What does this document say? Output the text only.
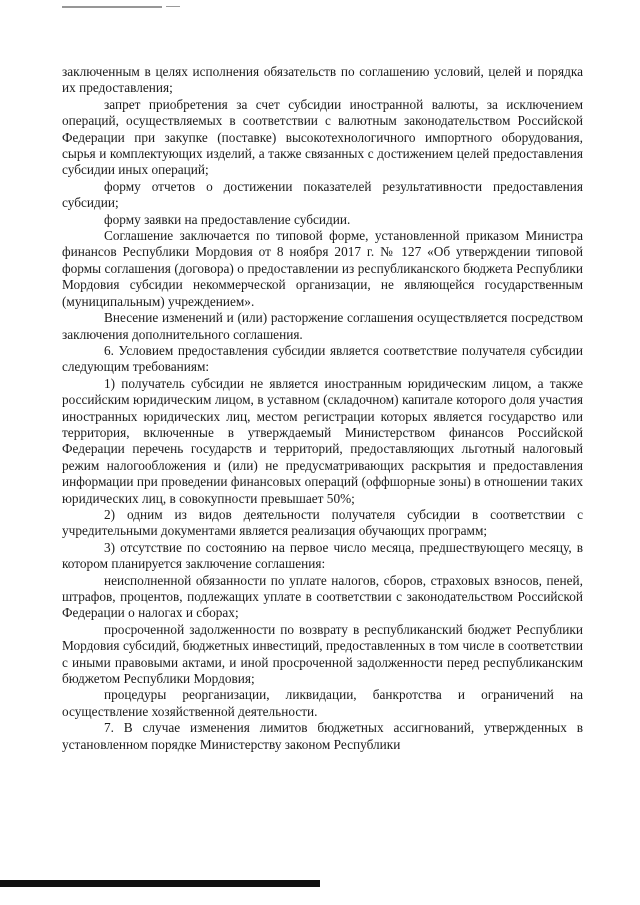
заключенным в целях исполнения обязательств по соглашению условий, целей и порядка их предоставления;

запрет приобретения за счет субсидии иностранной валюты, за исключением операций, осуществляемых в соответствии с валютным законодательством Российской Федерации при закупке (поставке) высокотехнологичного импортного оборудования, сырья и комплектующих изделий, а также связанных с достижением целей предоставления субсидии иных операций;

форму отчетов о достижении показателей результативности предоставления субсидии;

форму заявки на предоставление субсидии.

Соглашение заключается по типовой форме, установленной приказом Министра финансов Республики Мордовия от 8 ноября 2017 г. № 127 «Об утверждении типовой формы соглашения (договора) о предоставлении из республиканского бюджета Республики Мордовия субсидии некоммерческой организации, не являющейся государственным (муниципальным) учреждением».

Внесение изменений и (или) расторжение соглашения осуществляется посредством заключения дополнительного соглашения.

6. Условием предоставления субсидии является соответствие получателя субсидии следующим требованиям:

1) получатель субсидии не является иностранным юридическим лицом, а также российским юридическим лицом, в уставном (складочном) капитале которого доля участия иностранных юридических лиц, местом регистрации которых является государство или территория, включенные в утверждаемый Министерством финансов Российской Федерации перечень государств и территорий, предоставляющих льготный налоговый режим налогообложения и (или) не предусматривающих раскрытия и предоставления информации при проведении финансовых операций (оффшорные зоны) в отношении таких юридических лиц, в совокупности превышает 50%;

2) одним из видов деятельности получателя субсидии в соответствии с учредительными документами является реализация обучающих программ;

3) отсутствие по состоянию на первое число месяца, предшествующего месяцу, в котором планируется заключение соглашения:

неисполненной обязанности по уплате налогов, сборов, страховых взносов, пеней, штрафов, процентов, подлежащих уплате в соответствии с законодательством Российской Федерации о налогах и сборах;

просроченной задолженности по возврату в республиканский бюджет Республики Мордовия субсидий, бюджетных инвестиций, предоставленных в том числе в соответствии с иными правовыми актами, и иной просроченной задолженности перед республиканским бюджетом Республики Мордовия;

процедуры реорганизации, ликвидации, банкротства и ограничений на осуществление хозяйственной деятельности.

7. В случае изменения лимитов бюджетных ассигнований, утвержденных в установленном порядке Министерству законом Республики
